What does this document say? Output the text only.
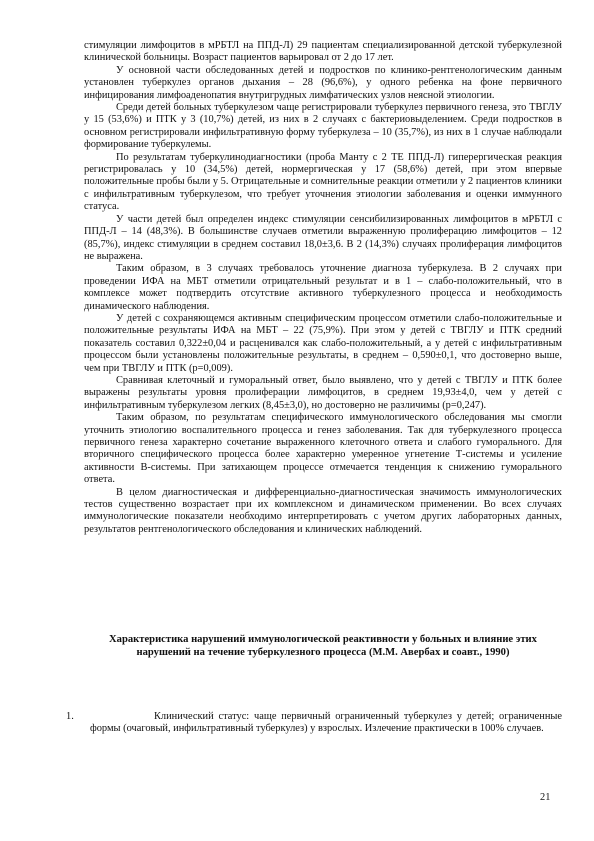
стимуляции лимфоцитов в мРБТЛ на ППД-Л) 29 пациентам специализированной детской туберкулезной клинической больницы. Возраст пациентов варьировал от 2 до 17 лет.

У основной части обследованных детей и подростков по клинико-рентгенологическим данным установлен туберкулез органов дыхания – 28 (96,6%), у одного ребенка на фоне первичного инфицирования лимфоаденопатия внутригрудных лимфатических узлов неясной этиологии.

Среди детей больных туберкулезом чаще регистрировали туберкулез первичного генеза, это ТВГЛУ у 15 (53,6%) и ПТК у 3 (10,7%) детей, из них в 2 случаях с бактериовыделением. Среди подростков в основном регистрировали инфильтративную форму туберкулеза – 10 (35,7%), из них в 1 случае наблюдали формирование туберкулемы.

По результатам туберкулинодиагностики (проба Манту с 2 ТЕ ППД-Л) гиперергическая реакция регистрировалась у 10 (34,5%) детей, нормергическая у 17 (58,6%) детей, при этом впервые положительные пробы были у 5. Отрицательные и сомнительные реакции отметили у 2 пациентов клиники с инфильтративным туберкулезом, что требует уточнения этиологии заболевания и оценки иммунного статуса.

У части детей был определен индекс стимуляции сенсибилизированных лимфоцитов в мРБТЛ с ППД-Л – 14 (48,3%). В большинстве случаев отметили выраженную пролиферацию лимфоцитов – 12 (85,7%), индекс стимуляции в среднем составил 18,0±3,6. В 2 (14,3%) случаях пролиферация лимфоцитов не выражена.

Таким образом, в 3 случаях требовалось уточнение диагноза туберкулеза. В 2 случаях при проведении ИФА на МБТ отметили отрицательный результат и в 1 – слабо-положительный, что в комплексе может подтвердить отсутствие активного туберкулезного процесса и необходимость динамического наблюдения.

У детей с сохраняющемся активным специфическим процессом отметили слабо-положительные и положительные результаты ИФА на МБТ – 22 (75,9%). При этом у детей с ТВГЛУ и ПТК средний показатель составил 0,322±0,04 и расценивался как слабо-положительный, а у детей с инфильтративным процессом были установлены положительные результаты, в среднем – 0,590±0,1, что достоверно выше, чем при ТВГЛУ и ПТК (р=0,009).

Сравнивая клеточный и гуморальный ответ, было выявлено, что у детей с ТВГЛУ и ПТК более выражены результаты уровня пролиферации лимфоцитов, в среднем 19,93±4,0, чем у детей с инфильтративным туберкулезом легких (8,45±3,0), но достоверно не различимы (р=0,247).

Таким образом, по результатам специфического иммунологического обследования мы смогли уточнить этиологию воспалительного процесса и генез заболевания. Так для туберкулезного процесса первичного генеза характерно сочетание выраженного клеточного ответа и слабого гуморального. Для вторичного специфического процесса более характерно умеренное угнетение Т-системы и усиление активности В-системы. При затихающем процессе отмечается тенденция к снижению гуморального ответа.

В целом диагностическая и дифференциально-диагностическая значимость иммунологических тестов существенно возрастает при их комплексном и динамическом применении. Во всех случаях иммунологические показатели необходимо интерпретировать с учетом других лабораторных данных, результатов рентгенологического обследования и клинических наблюдений.

Характеристика нарушений иммунологической реактивности у больных и влияние этих нарушений на течение туберкулезного процесса (М.М. Авербах и соавт., 1990)
1.	Клинический статус: чаще первичный ограниченный туберкулез у детей; ограниченные формы (очаговый, инфильтративный туберкулез) у взрослых. Излечение практически в 100% случаев.
21
